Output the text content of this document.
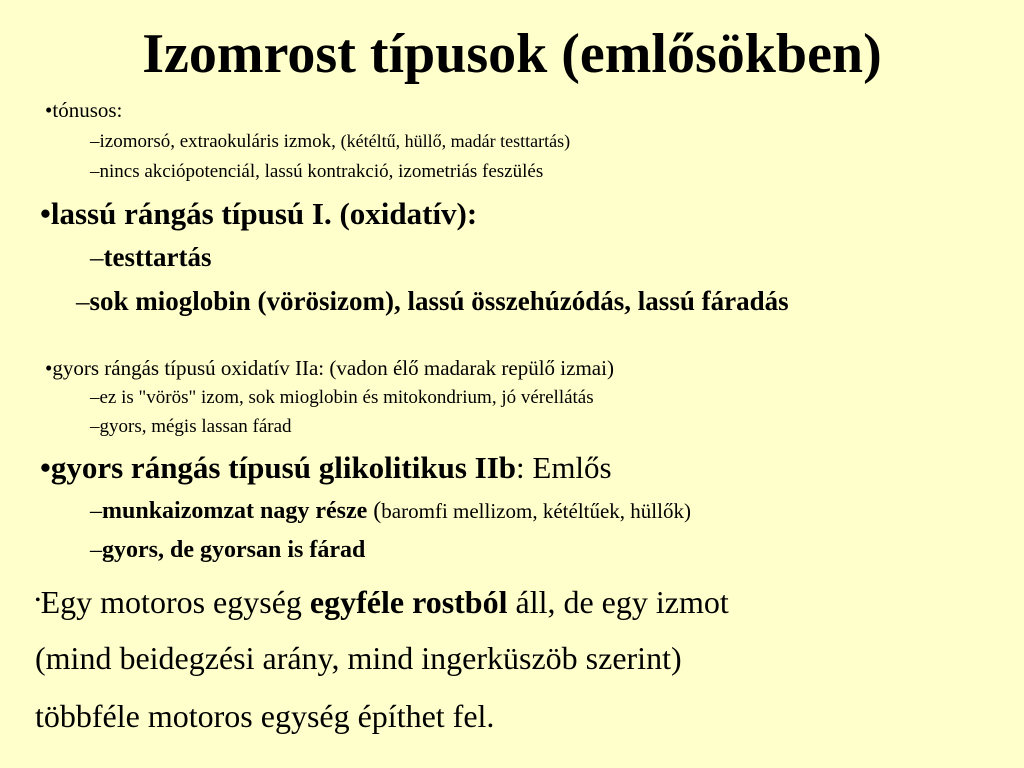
Izomrost típusok (emlősökben)
•tónusos:
–izomorsó, extraokuláris izmok, (kétéltű, hüllő, madár testtartás)
–nincs akciópotenciál, lassú kontrakció, izometriás feszülés
•lassú rángás típusú I. (oxidatív):
–testtartás
–sok mioglobin (vörösizom), lassú összehúzódás, lassú fáradás
•gyors rángás típusú oxidatív IIa: (vadon élő madarak repülő izmai)
–ez is "vörös" izom, sok mioglobin és mitokondrium, jó vérellátás
–gyors, mégis lassan fárad
•gyors rángás típusú glikolitikus IIb: Emlős
–munkaizomzat nagy része (baromfi mellizom, kétéltűek, hüllők)
–gyors, de gyorsan is fárad
•Egy motoros egység egyféle rostból áll, de egy izmot
(mind beidegzési arány, mind ingerküszöb szerint)
többféle motoros egység építhet fel.
